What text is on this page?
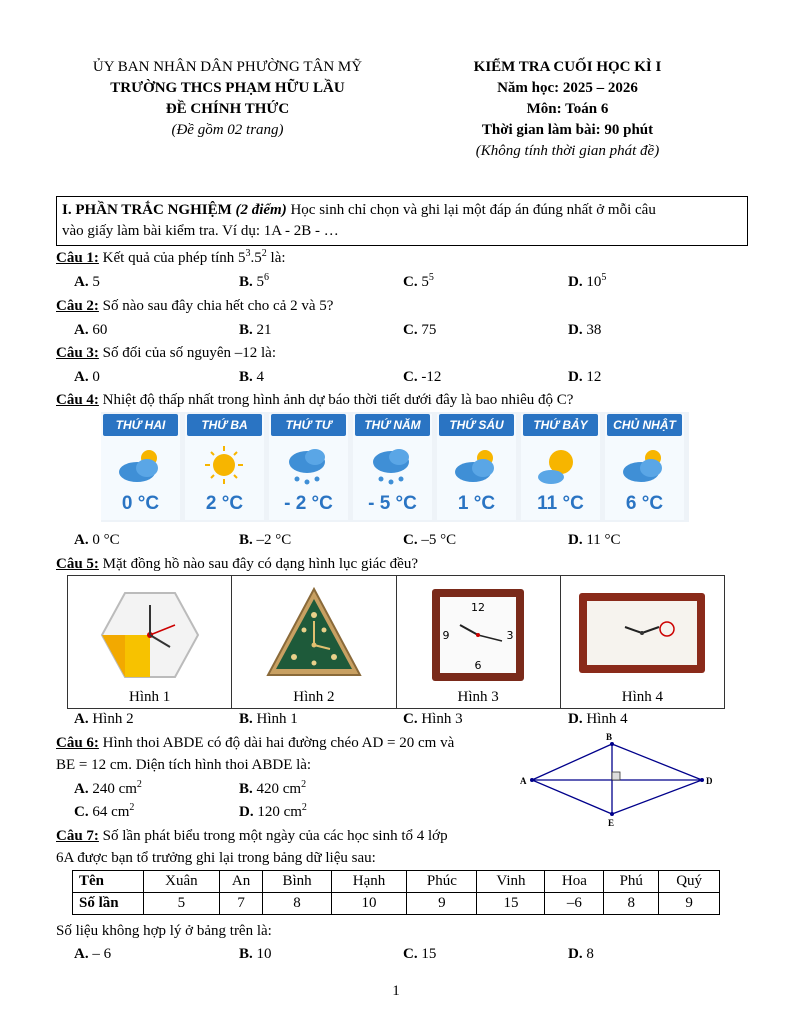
ỦY BAN NHÂN DÂN PHƯỜNG TÂN MỸ
TRƯỜNG THCS PHẠM HỮU LẦU
ĐỀ CHÍNH THỨC
(Đề gồm 02 trang)
KIỂM TRA CUỐI HỌC KÌ I
Năm học: 2025 – 2026
Môn: Toán 6
Thời gian làm bài: 90 phút
(Không tính thời gian phát đề)
I. PHẦN TRẮC NGHIỆM (2 điểm) Học sinh chỉ chọn và ghi lại một đáp án đúng nhất ở mỗi câu
vào giấy làm bài kiểm tra. Ví dụ: 1A - 2B - …
Câu 1: Kết quả của phép tính $5^3.5^2$ là:
A. 5	B. $5^6$	C. $5^5$	D. $10^5$
Câu 2: Số nào sau đây chia hết cho cả 2 và 5?
A. 60	B. 21	C. 75	D. 38
Câu 3: Số đối của số nguyên –12 là:
A. 0	B. 4	C. -12	D. 12
Câu 4: Nhiệt độ thấp nhất trong hình ảnh dự báo thời tiết dưới đây là bao nhiêu độ C?
THỨ HAI
0 °C
THỨ BA
2 °C
THỨ TƯ
- 2 °C
THỨ NĂM
- 5 °C
THỨ SÁU
1 °C
THỨ BẢY
11 °C
CHỦ NHẬT
6 °C
A. 0 °C	B. –2 °C	C. –5 °C	D. 11 °C
Câu 5: Mặt đồng hồ nào sau đây có dạng hình lục giác đều?
Hình 1	Hình 2

12
3
6
9
Hình 3	Hình 4
A. Hình 2	B. Hình 1	C. Hình 3	D. Hình 4
Câu 6: Hình thoi ABDE có độ dài hai đường chéo AD = 20 cm và
BE = 12 cm. Diện tích hình thoi ABDE là:
A. 240 $cm^2$	B. 420 $cm^2$
C. 64 $cm^2$	D. 120 $cm^2$
A
B
D
E
Câu 7: Số lần phát biểu trong một ngày của các học sinh tổ 4 lớp
6A được bạn tổ trưởng ghi lại trong bảng dữ liệu sau:
Tên	Xuân	An	Bình	Hạnh	Phúc	Vinh	Hoa	Phú	Quý
Số lần	5	7	8	10	9	15	–6	8	9
Số liệu không hợp lý ở bảng trên là:
A. – 6	B. 10	C. 15	D. 8
1
